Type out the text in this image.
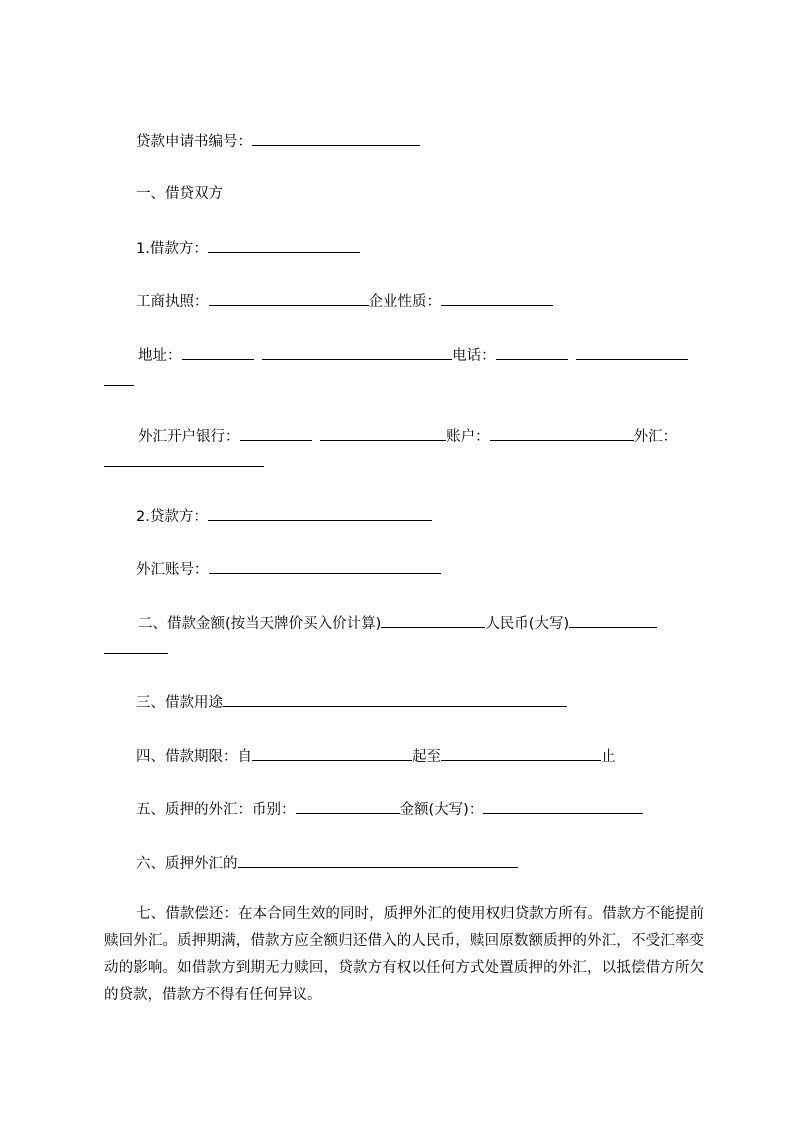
贷款申请书编号：
一、借贷双方
1.借款方：
工商执照：	企业性质：
地址：	电话：
外汇开户银行：	账户：	外汇：
2.贷款方：
外汇账号：
二、借款金额(按当天牌价买入价计算)	人民币(大写)
三、借款用途
四、借款期限：自	起至	止
五、质押的外汇：币别：	金额(大写)：
六、质押外汇的
七、借款偿还：在本合同生效的同时，质押外汇的使用权归贷款方所有。借款方不能提前赎回外汇。质押期满，借款方应全额归还借入的人民币，赎回原数额质押的外汇，不受汇率变动的影响。如借款方到期无力赎回，贷款方有权以任何方式处置质押的外汇，以抵偿借方所欠的贷款，借款方不得有任何异议。
